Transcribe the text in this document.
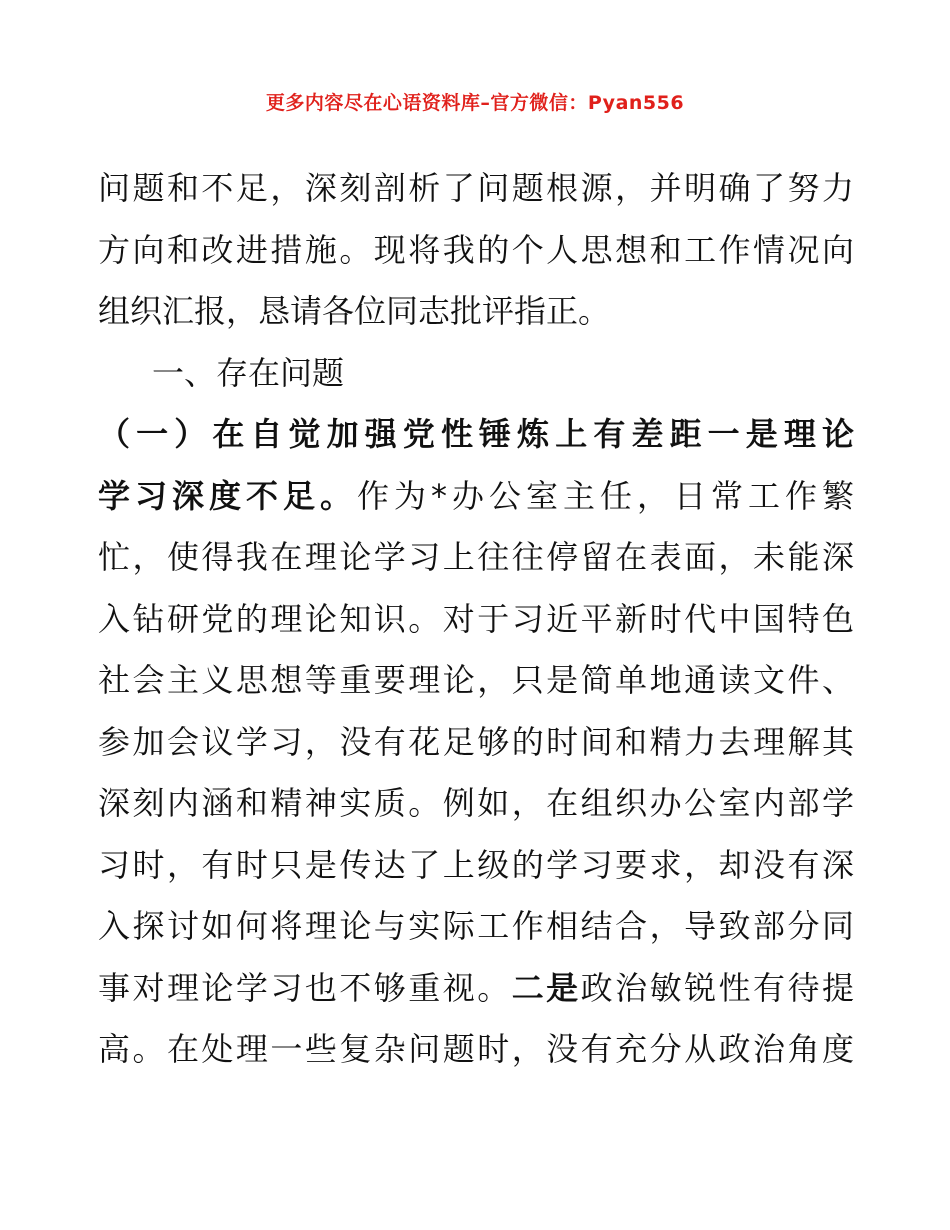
更多内容尽在心语资料库–官方微信：Pyan556
问题和不足，深刻剖析了问题根源，并明确了努力
方向和改进措施。现将我的个人思想和工作情况向
组织汇报，恳请各位同志批评指正。
一、存在问题
（一）在自觉加强党性锤炼上有差距一是理论
学习深度不足。作为*办公室主任，日常工作繁
忙，使得我在理论学习上往往停留在表面，未能深
入钻研党的理论知识。对于习近平新时代中国特色
社会主义思想等重要理论，只是简单地通读文件、
参加会议学习，没有花足够的时间和精力去理解其
深刻内涵和精神实质。例如，在组织办公室内部学
习时，有时只是传达了上级的学习要求，却没有深
入探讨如何将理论与实际工作相结合，导致部分同
事对理论学习也不够重视。二是政治敏锐性有待提
高。在处理一些复杂问题时，没有充分从政治角度
